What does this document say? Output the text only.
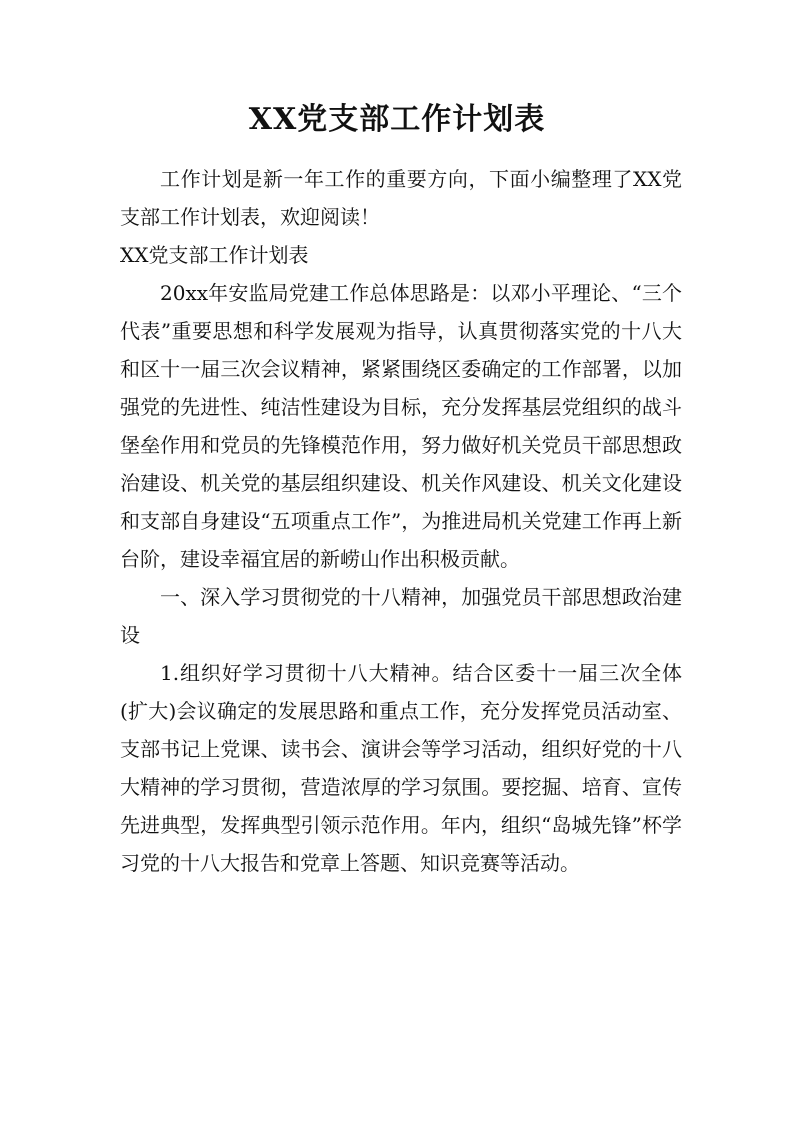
XX党支部工作计划表

工作计划是新一年工作的重要方向，下面小编整理了XX党支部工作计划表，欢迎阅读！

XX党支部工作计划表

20xx年安监局党建工作总体思路是：以邓小平理论、“三个代表”重要思想和科学发展观为指导，认真贯彻落实党的十八大和区十一届三次会议精神，紧紧围绕区委确定的工作部署，以加强党的先进性、纯洁性建设为目标，充分发挥基层党组织的战斗堡垒作用和党员的先锋模范作用，努力做好机关党员干部思想政治建设、机关党的基层组织建设、机关作风建设、机关文化建设和支部自身建设“五项重点工作”，为推进局机关党建工作再上新台阶，建设幸福宜居的新崂山作出积极贡献。

一、深入学习贯彻党的十八精神，加强党员干部思想政治建设

1.组织好学习贯彻十八大精神。结合区委十一届三次全体(扩大)会议确定的发展思路和重点工作，充分发挥党员活动室、支部书记上党课、读书会、演讲会等学习活动，组织好党的十八大精神的学习贯彻，营造浓厚的学习氛围。要挖掘、培育、宣传先进典型，发挥典型引领示范作用。年内，组织“岛城先锋”杯学习党的十八大报告和党章上答题、知识竞赛等活动。
